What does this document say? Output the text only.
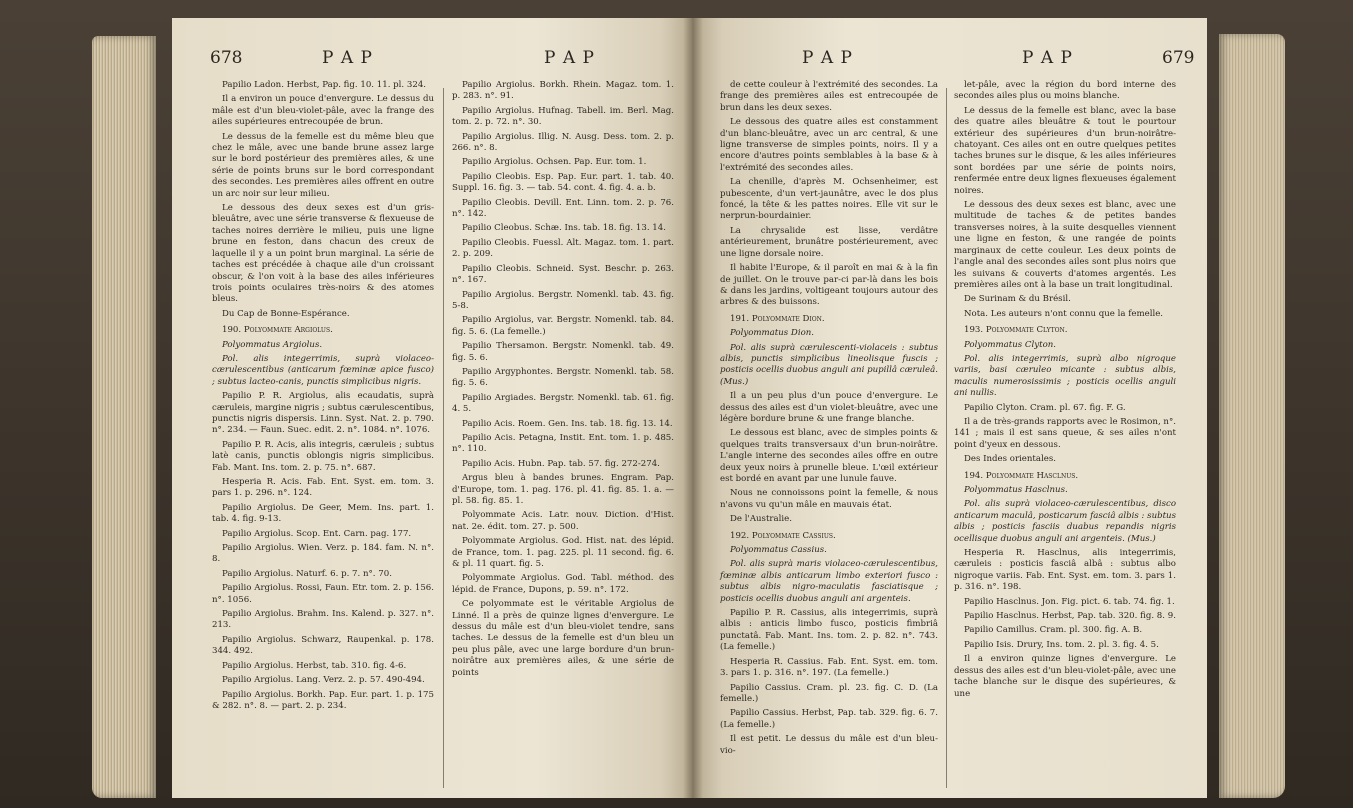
678	P A P	P A P

Papilio Ladon. Herbst, Pap. fig. 10. 11. pl. 324.

Il a environ un pouce d'envergure. Le dessus du mâle est d'un bleu-violet-pâle, avec la frange des ailes supérieures entrecoupée de brun.

Le dessus de la femelle est du même bleu que chez le mâle, avec une bande brune assez large sur le bord postérieur des premières ailes, & une série de points bruns sur le bord correspondant des secondes. Les premières ailes offrent en outre un arc noir sur leur milieu.

Le dessous des deux sexes est d'un gris-bleuâtre, avec une série transverse & flexueuse de taches noires derrière le milieu, puis une ligne brune en feston, dans chacun des creux de laquelle il y a un point brun marginal. La série de taches est précédée à chaque aile d'un croissant obscur, & l'on voit à la base des ailes inférieures trois points oculaires très-noirs & des atomes bleus.

Du Cap de Bonne-Espérance.

190. Polyommate Argiolus.

Polyommatus Argiolus.

Pol. alis integerrimis, suprà violaceo-cærulescentibus (anticarum fœminæ apice fusco) ; subtus lacteo-canis, punctis simplicibus nigris.

Papilio P. R. Argiolus, alis ecaudatis, suprà cæruleis, margine nigris ; subtus cærulescentibus, punctis nigris dispersis. Linn. Syst. Nat. 2. p. 790. n°. 234. — Faun. Suec. edit. 2. n°. 1084. n°. 1076.

Papilio P. R. Acis, alis integris, cæruleis ; subtus latè canis, punctis oblongis nigris simplicibus. Fab. Mant. Ins. tom. 2. p. 75. n°. 687.

Hesperia R. Acis. Fab. Ent. Syst. em. tom. 3. pars 1. p. 296. n°. 124.

Papilio Argiolus. De Geer, Mem. Ins. part. 1. tab. 4. fig. 9-13.

Papilio Argiolus. Scop. Ent. Carn. pag. 177.

Papilio Argiolus. Wien. Verz. p. 184. fam. N. n°. 8.

Papilio Argiolus. Naturf. 6. p. 7. n°. 70.

Papilio Argiolus. Rossi, Faun. Etr. tom. 2. p. 156. n°. 1056.

Papilio Argiolus. Brahm. Ins. Kalend. p. 327. n°. 213.

Papilio Argiolus. Schwarz, Raupenkal. p. 178. 344. 492.

Papilio Argiolus. Herbst, tab. 310. fig. 4-6.

Papilio Argiolus. Lang. Verz. 2. p. 57. 490-494.

Papilio Argiolus. Borkh. Pap. Eur. part. 1. p. 175 & 282. n°. 8. — part. 2. p. 234.

Papilio Argiolus. Borkh. Rhein. Magaz. tom. 1. p. 283. n°. 91.

Papilio Argiolus. Hufnag. Tabell. im. Berl. Mag. tom. 2. p. 72. n°. 30.

Papilio Argiolus. Illig. N. Ausg. Dess. tom. 2. p. 266. n°. 8.

Papilio Argiolus. Ochsen. Pap. Eur. tom. 1.

Papilio Cleobis. Esp. Pap. Eur. part. 1. tab. 40. Suppl. 16. fig. 3. — tab. 54. cont. 4. fig. 4. a. b.

Papilio Cleobis. Devill. Ent. Linn. tom. 2. p. 76. n°. 142.

Papilio Cleobus. Schæ. Ins. tab. 18. fig. 13. 14.

Papilio Cleobis. Fuessl. Alt. Magaz. tom. 1. part. 2. p. 209.

Papilio Cleobis. Schneid. Syst. Beschr. p. 263. n°. 167.

Papilio Argiolus. Bergstr. Nomenkl. tab. 43. fig. 5-8.

Papilio Argiolus, var. Bergstr. Nomenkl. tab. 84. fig. 5. 6. (La femelle.)

Papilio Thersamon. Bergstr. Nomenkl. tab. 49. fig. 5. 6.

Papilio Argyphontes. Bergstr. Nomenkl. tab. 58. fig. 5. 6.

Papilio Argiades. Bergstr. Nomenkl. tab. 61. fig. 4. 5.

Papilio Acis. Roem. Gen. Ins. tab. 18. fig. 13. 14.

Papilio Acis. Petagna, Instit. Ent. tom. 1. p. 485. n°. 110.

Papilio Acis. Hubn. Pap. tab. 57. fig. 272-274.

Argus bleu à bandes brunes. Engram. Pap. d'Europe, tom. 1. pag. 176. pl. 41. fig. 85. 1. a. — pl. 58. fig. 85. 1.

Polyommate Acis. Latr. nouv. Diction. d'Hist. nat. 2e. édit. tom. 27. p. 500.

Polyommate Argiolus. God. Hist. nat. des lépid. de France, tom. 1. pag. 225. pl. 11 second. fig. 6. & pl. 11 quart. fig. 5.

Polyommate Argiolus. God. Tabl. méthod. des lépid. de France, Dupons, p. 59. n°. 172.

Ce polyommate est le véritable Argiolus de Linné. Il a près de quinze lignes d'envergure. Le dessus du mâle est d'un bleu-violet tendre, sans taches. Le dessus de la femelle est d'un bleu un peu plus pâle, avec une large bordure d'un brun-noirâtre aux premières ailes, & une série de points

P A P	P A P	679

de cette couleur à l'extrémité des secondes. La frange des premières ailes est entrecoupée de brun dans les deux sexes.

Le dessous des quatre ailes est constamment d'un blanc-bleuâtre, avec un arc central, & une ligne transverse de simples points, noirs. Il y a encore d'autres points semblables à la base & à l'extrémité des secondes ailes.

La chenille, d'après M. Ochsenheimer, est pubescente, d'un vert-jaunâtre, avec le dos plus foncé, la tête & les pattes noires. Elle vit sur le nerprun-bourdainier.

La chrysalide est lisse, verdâtre antérieurement, brunâtre postérieurement, avec une ligne dorsale noire.

Il habite l'Europe, & il paroît en mai & à la fin de juillet. On le trouve par-ci par-là dans les bois & dans les jardins, voltigeant toujours autour des arbres & des buissons.

191. Polyommate Dion.

Polyommatus Dion.

Pol. alis suprà cærulescenti-violaceis : subtus albis, punctis simplicibus lineolisque fuscis ; posticis ocellis duobus anguli ani pupillâ cæruleâ. (Mus.)

Il a un peu plus d'un pouce d'envergure. Le dessus des ailes est d'un violet-bleuâtre, avec une légère bordure brune & une frange blanche.

Le dessous est blanc, avec de simples points & quelques traits transversaux d'un brun-noirâtre. L'angle interne des secondes ailes offre en outre deux yeux noirs à prunelle bleue. L'œil extérieur est bordé en avant par une lunule fauve.

Nous ne connoissons point la femelle, & nous n'avons vu qu'un mâle en mauvais état.

De l'Australie.

192. Polyommate Cassius.

Polyommatus Cassius.

Pol. alis suprà maris violaceo-cærulescentibus, fœminæ albis anticarum limbo exteriori fusco : subtus albis nigro-maculatis fasciatisque ; posticis ocellis duobus anguli ani argenteis.

Papilio P. R. Cassius, alis integerrimis, suprà albis : anticis limbo fusco, posticis fimbriâ punctatâ. Fab. Mant. Ins. tom. 2. p. 82. n°. 743. (La femelle.)

Hesperia R. Cassius. Fab. Ent. Syst. em. tom. 3. pars 1. p. 316. n°. 197. (La femelle.)

Papilio Cassius. Cram. pl. 23. fig. C. D. (La femelle.)

Papilio Cassius. Herbst, Pap. tab. 329. fig. 6. 7. (La femelle.)

Il est petit. Le dessus du mâle est d'un bleu-vio-

let-pâle, avec la région du bord interne des secondes ailes plus ou moins blanche.

Le dessus de la femelle est blanc, avec la base des quatre ailes bleuâtre & tout le pourtour extérieur des supérieures d'un brun-noirâtre-chatoyant. Ces ailes ont en outre quelques petites taches brunes sur le disque, & les ailes inférieures sont bordées par une série de points noirs, renfermée entre deux lignes flexueuses également noires.

Le dessous des deux sexes est blanc, avec une multitude de taches & de petites bandes transverses noires, à la suite desquelles viennent une ligne en feston, & une rangée de points marginaux de cette couleur. Les deux points de l'angle anal des secondes ailes sont plus noirs que les suivans & couverts d'atomes argentés. Les premières ailes ont à la base un trait longitudinal.

De Surinam & du Brésil.

Nota. Les auteurs n'ont connu que la femelle.

193. Polyommate Clyton.

Polyommatus Clyton.

Pol. alis integerrimis, suprà albo nigroque variis, basi cæruleo micante : subtus albis, maculis numerosissimis ; posticis ocellis anguli ani nullis.

Papilio Clyton. Cram. pl. 67. fig. F. G.

Il a de très-grands rapports avec le Rosimon, n°. 141 ; mais il est sans queue, & ses ailes n'ont point d'yeux en dessous.

Des Indes orientales.

194. Polyommate Hasclnus.

Polyommatus Hasclnus.

Pol. alis suprà violaceo-cærulescentibus, disco anticarum maculâ, posticarum fasciâ albis : subtus albis ; posticis fasciis duabus repandis nigris ocellisque duobus anguli ani argenteis. (Mus.)

Hesperia R. Hasclnus, alis integerrimis, cæruleis : posticis fasciâ albâ : subtus albo nigroque variis. Fab. Ent. Syst. em. tom. 3. pars 1. p. 316. n°. 198.

Papilio Hasclnus. Jon. Fig. pict. 6. tab. 74. fig. 1.

Papilio Hasclnus. Herbst, Pap. tab. 320. fig. 8. 9.

Papilio Camillus. Cram. pl. 300. fig. A. B.

Papilio Isis. Drury, Ins. tom. 2. pl. 3. fig. 4. 5.

Il a environ quinze lignes d'envergure. Le dessus des ailes est d'un bleu-violet-pâle, avec une tache blanche sur le disque des supérieures, & une
